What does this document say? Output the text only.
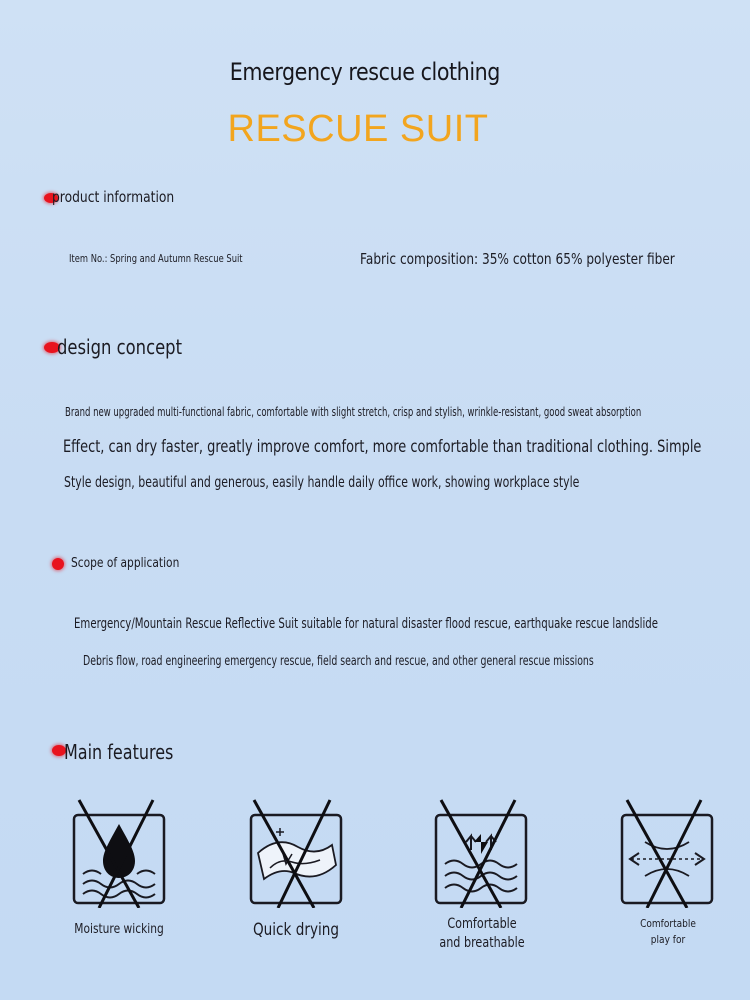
Emergency rescue clothing
RESCUE SUIT
product information
Item No.: Spring and Autumn Rescue Suit	Fabric composition: 35% cotton 65% polyester fiber
design concept
Brand new upgraded multi-functional fabric, comfortable with slight stretch, crisp and stylish, wrinkle-resistant, good sweat absorption
Effect, can dry faster, greatly improve comfort, more comfortable than traditional clothing. Simple
Style design, beautiful and generous, easily handle daily office work, showing workplace style
Scope of application
Emergency/Mountain Rescue Reflective Suit suitable for natural disaster flood rescue, earthquake rescue landslide
Debris flow, road engineering emergency rescue, field search and rescue, and other general rescue missions
Main features
Moisture wicking	Quick drying	Comfortable and breathable
Comfortable play for
